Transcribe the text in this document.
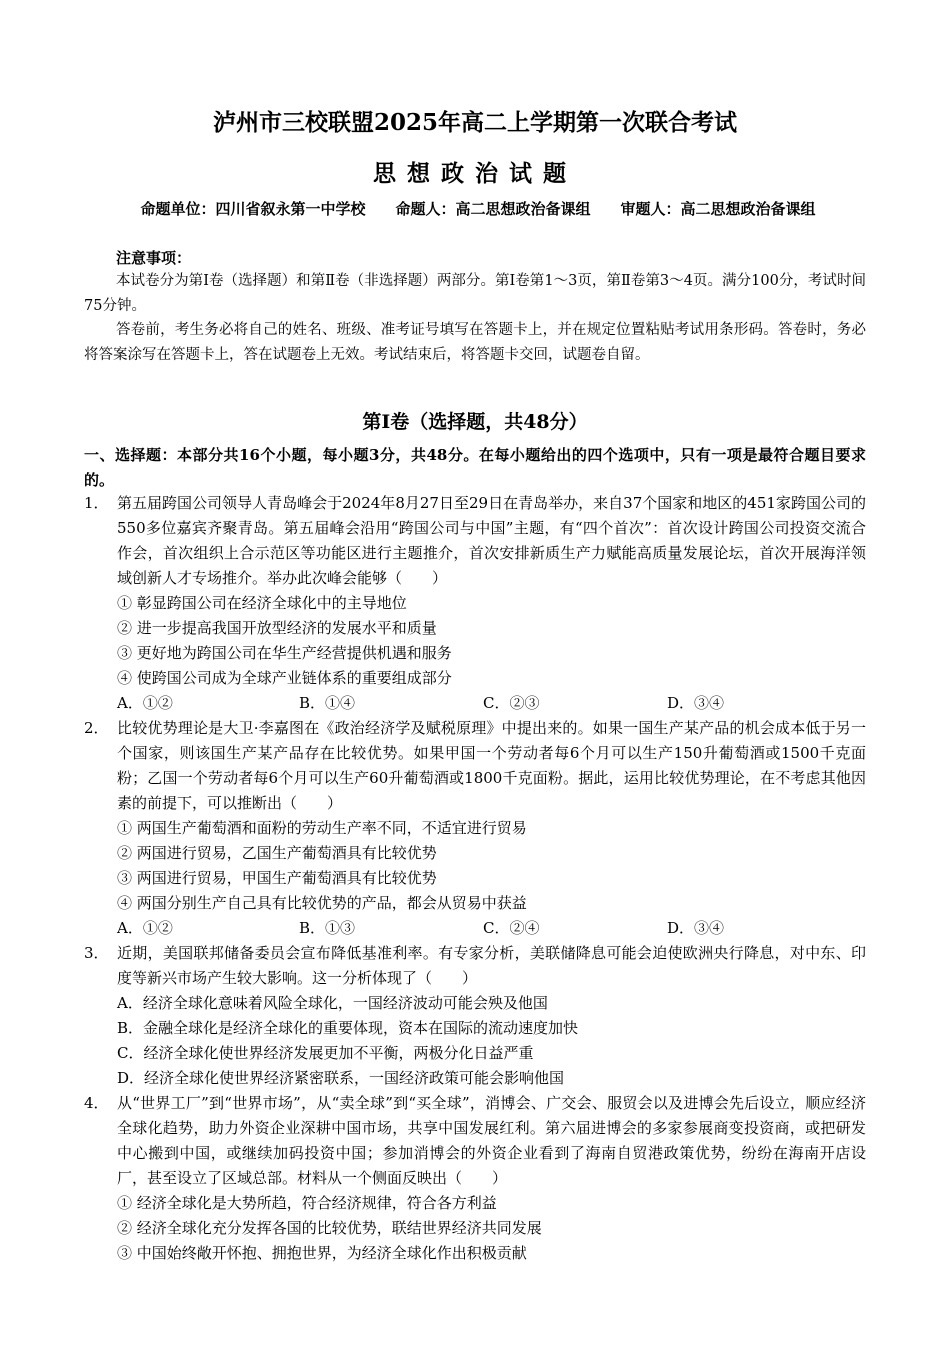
泸州市三校联盟2025年高二上学期第一次联合考试
思想政治试题
命题单位：四川省叙永第一中学校　　命题人：高二思想政治备课组　　审题人：高二思想政治备课组
注意事项：
本试卷分为第Ⅰ卷（选择题）和第Ⅱ卷（非选择题）两部分。第Ⅰ卷第1～3页，第Ⅱ卷第3～4页。满分100分，考试时间75分钟。
答卷前，考生务必将自己的姓名、班级、准考证号填写在答题卡上，并在规定位置粘贴考试用条形码。答卷时，务必将答案涂写在答题卡上，答在试题卷上无效。考试结束后，将答题卡交回，试题卷自留。
第Ⅰ卷（选择题，共48分）
一、选择题：本部分共16个小题，每小题3分，共48分。在每小题给出的四个选项中，只有一项是最符合题目要求的。
1． 第五届跨国公司领导人青岛峰会于2024年8月27日至29日在青岛举办，来自37个国家和地区的451家跨国公司的550多位嘉宾齐聚青岛。第五届峰会沿用“跨国公司与中国”主题，有“四个首次”：首次设计跨国公司投资交流合作会，首次组织上合示范区等功能区进行主题推介，首次安排新质生产力赋能高质量发展论坛，首次开展海洋领域创新人才专场推介。举办此次峰会能够（　　）
① 彰显跨国公司在经济全球化中的主导地位
② 进一步提高我国开放型经济的发展水平和质量
③ 更好地为跨国公司在华生产经营提供机遇和服务
④ 使跨国公司成为全球产业链体系的重要组成部分
A．①②	B．①④	C．②③	D．③④
2． 比较优势理论是大卫·李嘉图在《政治经济学及赋税原理》中提出来的。如果一国生产某产品的机会成本低于另一个国家，则该国生产某产品存在比较优势。如果甲国一个劳动者每6个月可以生产150升葡萄酒或1500千克面粉；乙国一个劳动者每6个月可以生产60升葡萄酒或1800千克面粉。据此，运用比较优势理论，在不考虑其他因素的前提下，可以推断出（　　）
① 两国生产葡萄酒和面粉的劳动生产率不同，不适宜进行贸易
② 两国进行贸易，乙国生产葡萄酒具有比较优势
③ 两国进行贸易，甲国生产葡萄酒具有比较优势
④ 两国分别生产自己具有比较优势的产品，都会从贸易中获益
A．①②	B．①③	C．②④	D．③④
3． 近期，美国联邦储备委员会宣布降低基准利率。有专家分析，美联储降息可能会迫使欧洲央行降息，对中东、印度等新兴市场产生较大影响。这一分析体现了（　　）
A．经济全球化意味着风险全球化，一国经济波动可能会殃及他国
B．金融全球化是经济全球化的重要体现，资本在国际的流动速度加快
C．经济全球化使世界经济发展更加不平衡，两极分化日益严重
D．经济全球化使世界经济紧密联系，一国经济政策可能会影响他国
4． 从“世界工厂”到“世界市场”，从“卖全球”到“买全球”，消博会、广交会、服贸会以及进博会先后设立，顺应经济全球化趋势，助力外资企业深耕中国市场，共享中国发展红利。第六届进博会的多家参展商变投资商，或把研发中心搬到中国，或继续加码投资中国；参加消博会的外资企业看到了海南自贸港政策优势，纷纷在海南开店设厂，甚至设立了区域总部。材料从一个侧面反映出（　　）
① 经济全球化是大势所趋，符合经济规律，符合各方利益
② 经济全球化充分发挥各国的比较优势，联结世界经济共同发展
③ 中国始终敞开怀抱、拥抱世界，为经济全球化作出积极贡献
